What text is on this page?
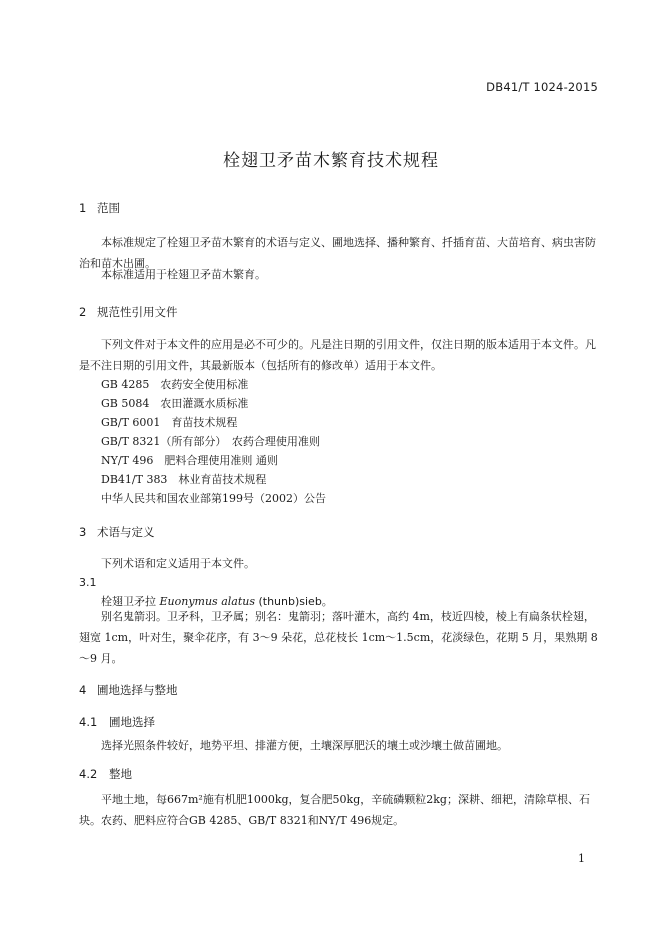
DB41/T 1024-2015
栓翅卫矛苗木繁育技术规程
1 范围
本标准规定了栓翅卫矛苗木繁育的术语与定义、圃地选择、播种繁育、扦插育苗、大苗培育、病虫害防治和苗木出圃。
本标准适用于栓翅卫矛苗木繁育。
2 规范性引用文件
下列文件对于本文件的应用是必不可少的。凡是注日期的引用文件，仅注日期的版本适用于本文件。凡是不注日期的引用文件，其最新版本（包括所有的修改单）适用于本文件。
GB 4285　农药安全使用标准
GB 5084　农田灌溉水质标准
GB/T 6001　育苗技术规程
GB/T 8321（所有部分）　农药合理使用准则
NY/T 496　肥料合理使用准则 通则
DB41/T 383　林业育苗技术规程
中华人民共和国农业部第199号（2002）公告
3 术语与定义
下列术语和定义适用于本文件。
3.1
栓翅卫矛拉 Euonymus alatus (thunb)sieb。
别名鬼箭羽。卫矛科，卫矛属；别名：鬼箭羽；落叶灌木，高约 4m，枝近四棱，棱上有扁条状栓翅，翅宽 1cm，叶对生，聚伞花序，有 3～9 朵花，总花枝长 1cm～1.5cm，花淡绿色，花期 5 月，果熟期 8～9 月。
4 圃地选择与整地
4.1 圃地选择
选择光照条件较好，地势平坦、排灌方便，土壤深厚肥沃的壤土或沙壤土做苗圃地。
4.2 整地
平地土地，每667m²施有机肥1000kg，复合肥50kg，辛硫磷颗粒2kg；深耕、细耙，清除草根、石块。农药、肥料应符合GB 4285、GB/T 8321和NY/T 496规定。
1
